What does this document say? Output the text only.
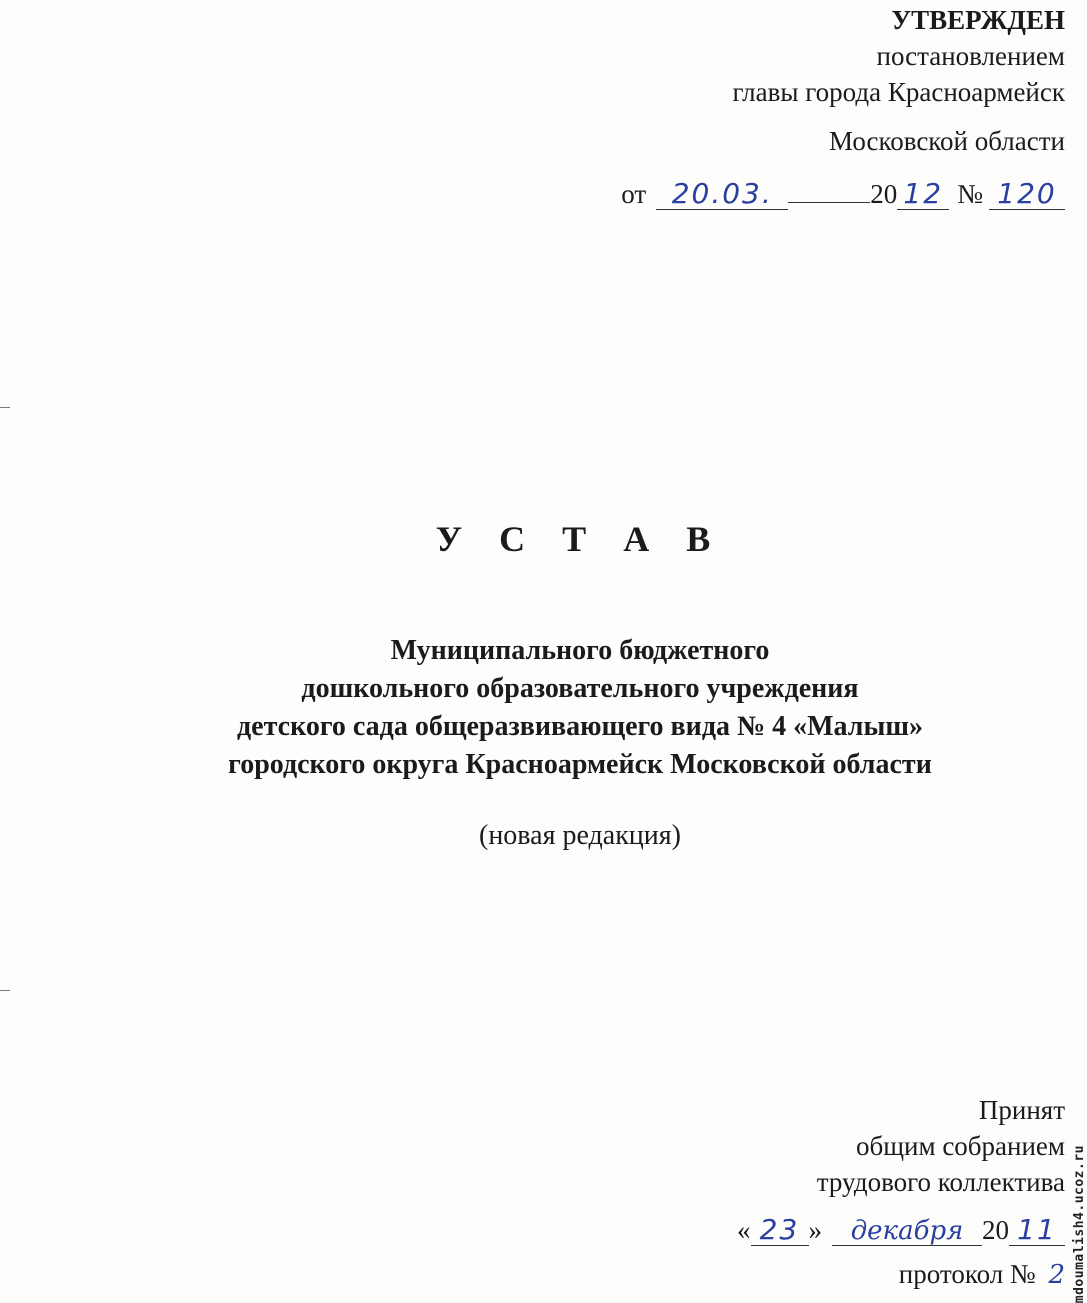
УТВЕРЖДЕН
постановлением
главы города Красноармейск
Московской области
от 20.03.	20 12 № 120
У С Т А В
Муниципального бюджетного
дошкольного образовательного учреждения
детского сада общеразвивающего вида № 4 «Малыш»
городского округа Красноармейск Московской области
(новая редакция)
Принят
общим собранием
трудового коллектива
« 23 »	декабря 20 11
протокол № 2 mdoumalish4.ucoz.ru
